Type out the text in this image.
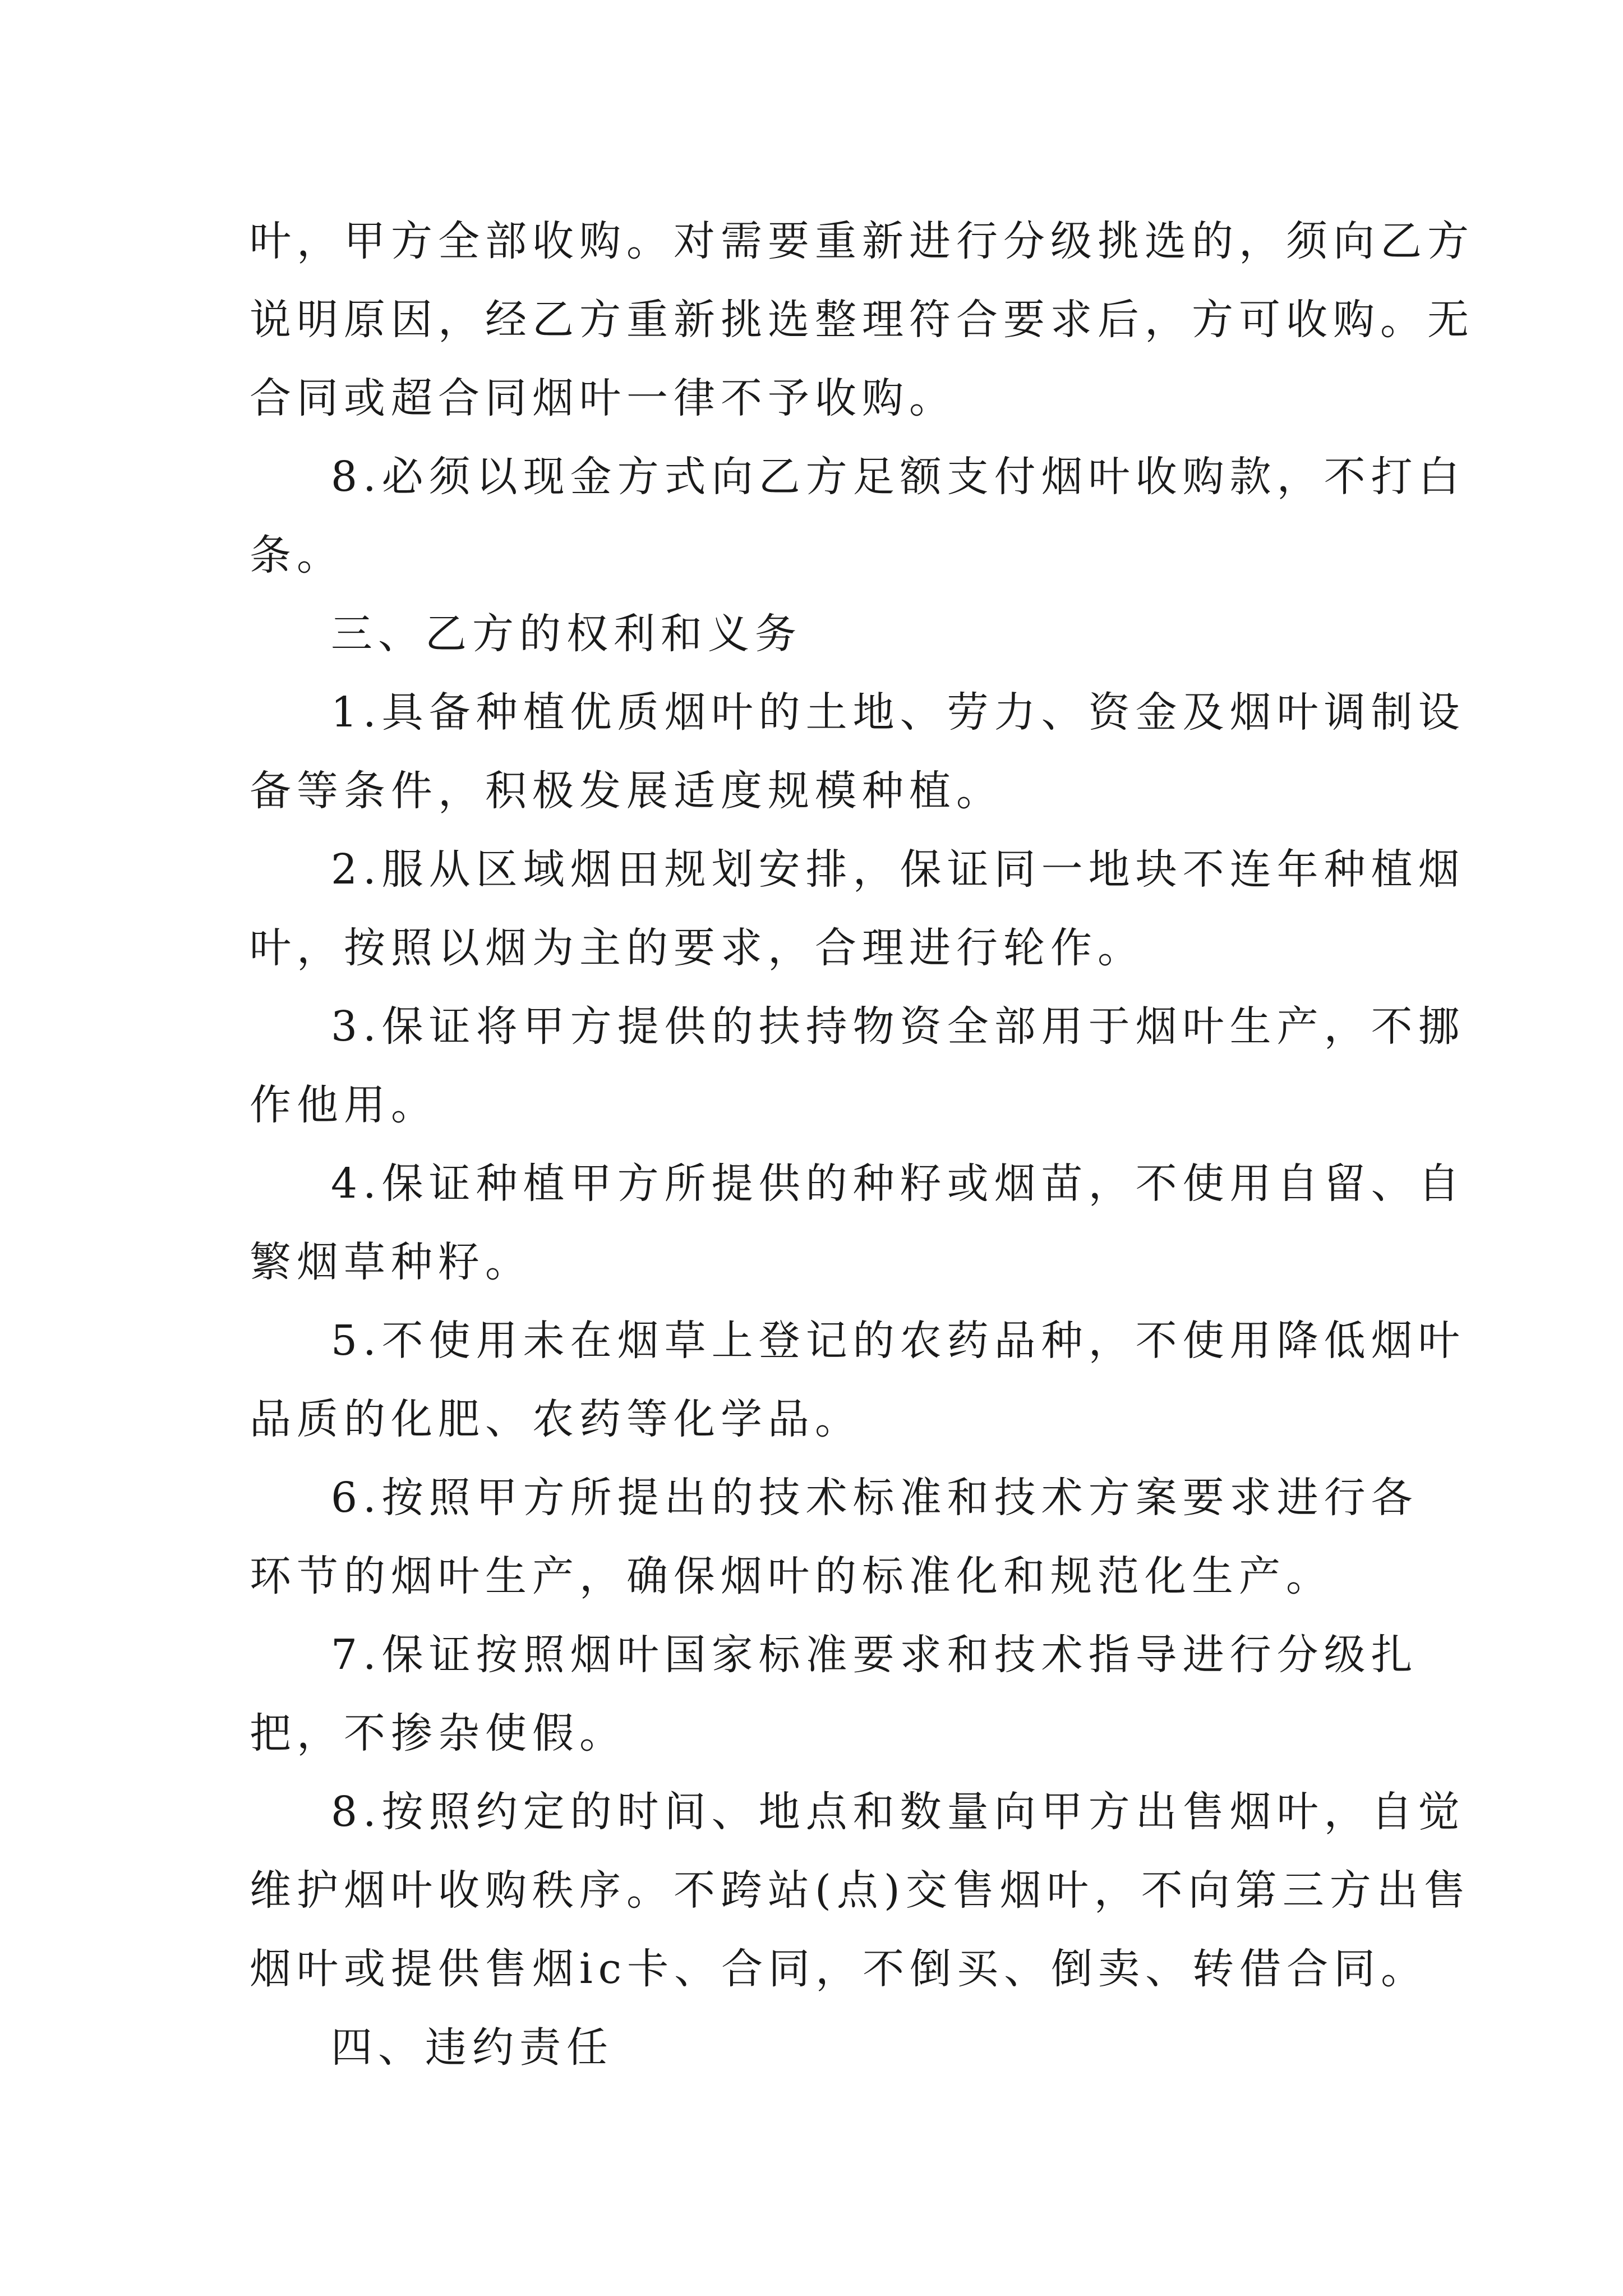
叶，甲方全部收购。对需要重新进行分级挑选的，须向乙方
说明原因，经乙方重新挑选整理符合要求后，方可收购。无
合同或超合同烟叶一律不予收购。
8.必须以现金方式向乙方足额支付烟叶收购款，不打白
条。
三、乙方的权利和义务
1.具备种植优质烟叶的土地、劳力、资金及烟叶调制设
备等条件，积极发展适度规模种植。
2.服从区域烟田规划安排，保证同一地块不连年种植烟
叶，按照以烟为主的要求，合理进行轮作。
3.保证将甲方提供的扶持物资全部用于烟叶生产，不挪
作他用。
4.保证种植甲方所提供的种籽或烟苗，不使用自留、自
繁烟草种籽。
5.不使用未在烟草上登记的农药品种，不使用降低烟叶
品质的化肥、农药等化学品。
6.按照甲方所提出的技术标准和技术方案要求进行各
环节的烟叶生产，确保烟叶的标准化和规范化生产。
7.保证按照烟叶国家标准要求和技术指导进行分级扎
把，不掺杂使假。
8.按照约定的时间、地点和数量向甲方出售烟叶，自觉
维护烟叶收购秩序。不跨站(点)交售烟叶，不向第三方出售
烟叶或提供售烟ic卡、合同，不倒买、倒卖、转借合同。
四、违约责任
